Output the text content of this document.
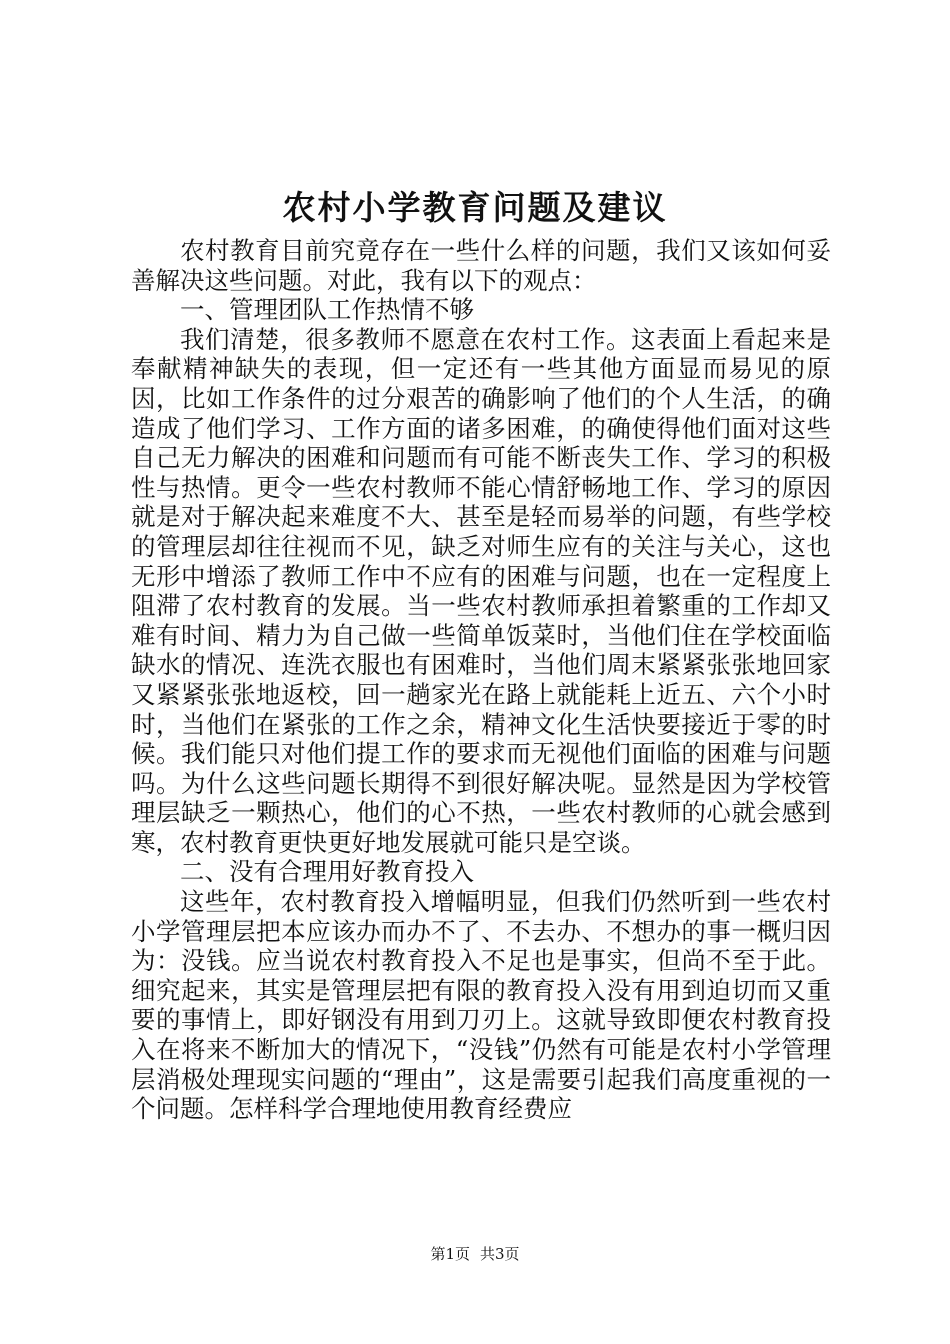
农村小学教育问题及建议

农村教育目前究竟存在一些什么样的问题，我们又该如何妥善解决这些问题。对此，我有以下的观点：

一、管理团队工作热情不够

我们清楚，很多教师不愿意在农村工作。这表面上看起来是奉献精神缺失的表现，但一定还有一些其他方面显而易见的原因，比如工作条件的过分艰苦的确影响了他们的个人生活，的确造成了他们学习、工作方面的诸多困难，的确使得他们面对这些自己无力解决的困难和问题而有可能不断丧失工作、学习的积极性与热情。更令一些农村教师不能心情舒畅地工作、学习的原因就是对于解决起来难度不大、甚至是轻而易举的问题，有些学校的管理层却往往视而不见，缺乏对师生应有的关注与关心，这也无形中增添了教师工作中不应有的困难与问题，也在一定程度上阻滞了农村教育的发展。当一些农村教师承担着繁重的工作却又难有时间、精力为自己做一些简单饭菜时，当他们住在学校面临缺水的情况、连洗衣服也有困难时，当他们周末紧紧张张地回家又紧紧张张地返校，回一趟家光在路上就能耗上近五、六个小时时，当他们在紧张的工作之余，精神文化生活快要接近于零的时候。我们能只对他们提工作的要求而无视他们面临的困难与问题吗。为什么这些问题长期得不到很好解决呢。显然是因为学校管理层缺乏一颗热心，他们的心不热，一些农村教师的心就会感到寒，农村教育更快更好地发展就可能只是空谈。

二、没有合理用好教育投入

这些年，农村教育投入增幅明显，但我们仍然听到一些农村小学管理层把本应该办而办不了、不去办、不想办的事一概归因为：没钱。应当说农村教育投入不足也是事实，但尚不至于此。细究起来，其实是管理层把有限的教育投入没有用到迫切而又重要的事情上，即好钢没有用到刀刃上。这就导致即便农村教育投入在将来不断加大的情况下，“没钱”仍然有可能是农村小学管理层消极处理现实问题的“理由”，这是需要引起我们高度重视的一个问题。怎样科学合理地使用教育经费应

第1页 共3页
